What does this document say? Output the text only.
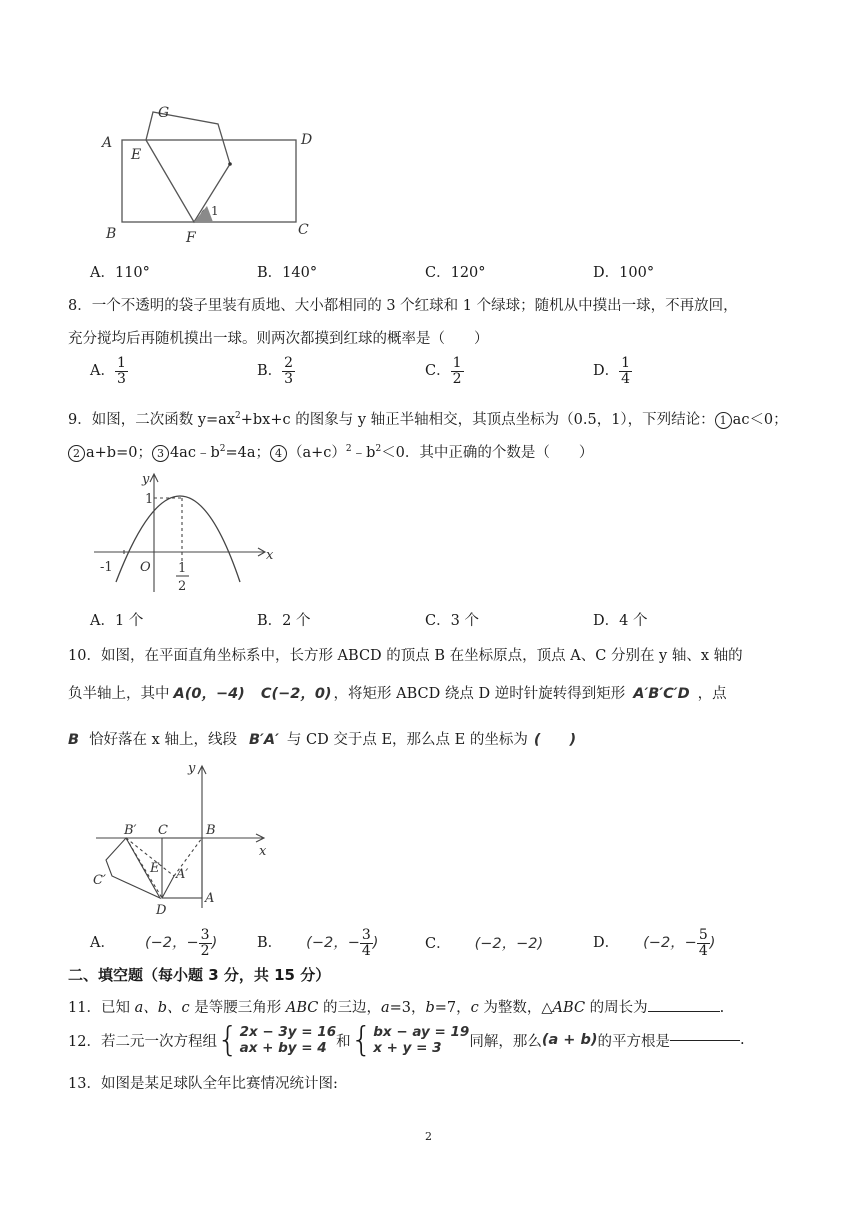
A
G
D
E
B	F	C
1
A．110°	B．140°	C．120°	D．100°
8．一个不透明的袋子里装有质地、大小都相同的 3 个红球和 1 个绿球；随机从中摸出一球，不再放回，
充分搅均后再随机摸出一球。则两次都摸到红球的概率是（　　）
A． $\frac{1}{3}$	B． $\frac{2}{3}$	C． $\frac{1}{2}$	D． $\frac{1}{4}$
9．如图，二次函数 $y=ax^2+bx+c$ 的图象与 y 轴正半轴相交，其顶点坐标为（0.5，1），下列结论： 1 ac＜0；
2 a+b=0； 3 $4ac﹣b^2=4a$； 4 $(a+c)^2﹣b^2<0$．其中正确的个数是（　　）
y
x
1
-1 O 1
2
A．1 个	B．2 个	C．3 个	D．4 个
10．如图，在平面直角坐标系中，长方形 ABCD 的顶点 B 在坐标原点，顶点 A、C 分别在 y 轴、x 轴的
负半轴上，其中 A(0，−4) C(−2，0) ，将矩形 ABCD 绕点 D 逆时针旋转得到矩形 A′B′C′D ，点
B 恰好落在 x 轴上，线段 B′A′ 与 CD 交于点 E，那么点 E 的坐标为 (　　)
y
x
B′ C	B
C′
E A′
D
A
A． (−2，− $\frac{3}{2}$ )	B． (−2，− $\frac{3}{4}$ )	C． (−2，−2)	D． (−2，− $\frac{5}{4}$ )
二、填空题（每小题 3 分，共 15 分）
11．已知 a、b、c 是等腰三角形 ABC 的三边，a=3，b=7，c 为整数，△ABC 的周长为	.
12．若二元一次方程组 { 2x − 3y = 16
ax + by = 4 和 { bx − ay = 19
x + y = 3	同解，那么 (a + b) 的平方根是	.
13．如图是某足球队全年比赛情况统计图:
2
